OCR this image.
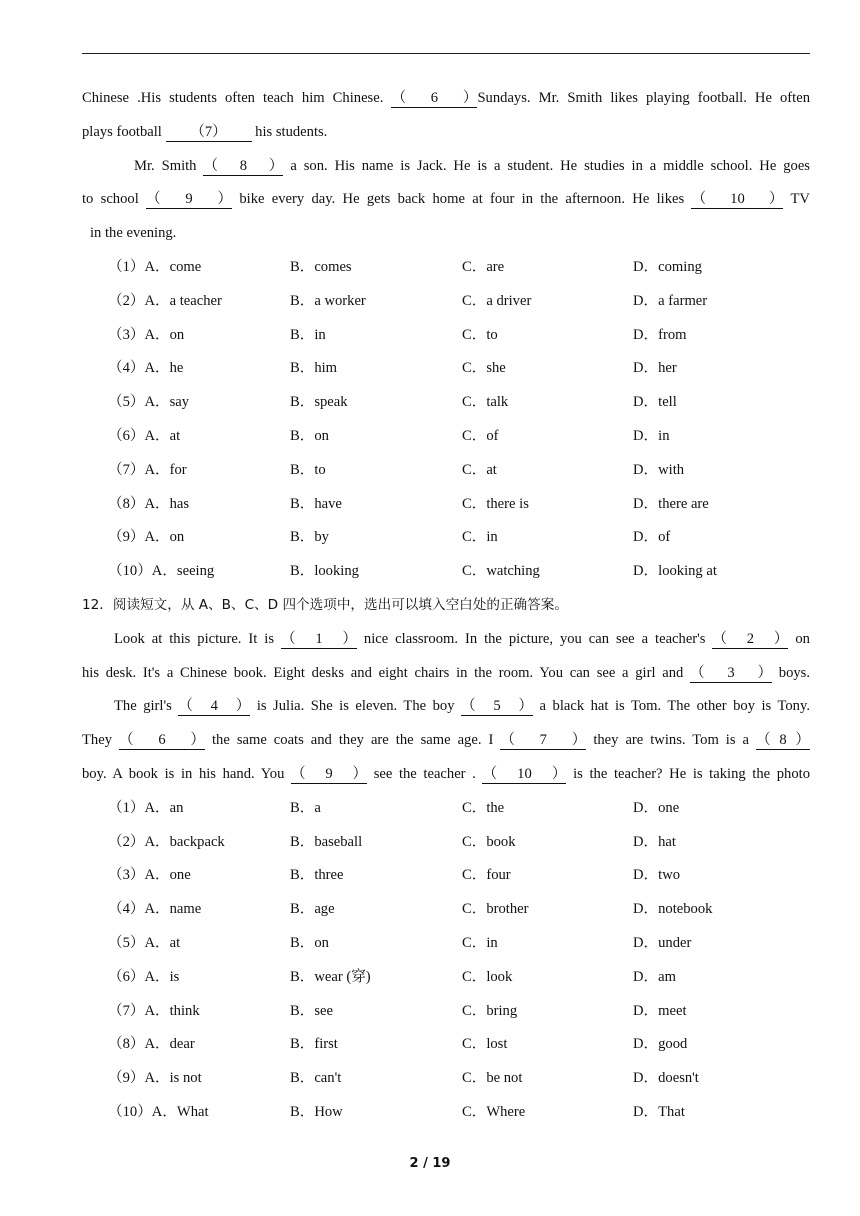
Chinese .His students often teach him Chinese. （6）Sundays. Mr. Smith likes playing football. He often
plays football （7） his students.
Mr. Smith （8） a son. His name is Jack. He is a student. He studies in a middle school. He goes
to school （9） bike every day. He gets back home at four in the afternoon. He likes （10） TV
in the evening.
（1）A．come	B．comes	C．are	D．coming
（2）A．a teacher	B．a worker	C．a driver	D．a farmer
（3）A．on	B．in	C．to	D．from
（4）A．he	B．him	C．she	D．her
（5）A．say	B．speak	C．talk	D．tell
（6）A．at	B．on	C．of	D．in
（7）A．for	B．to	C．at	D．with
（8）A．has	B．have	C．there is	D．there are
（9）A．on	B．by	C．in	D．of
（10）A．seeing	B．looking	C．watching	D．looking at
12．阅读短文，从 A、B、C、D 四个选项中，选出可以填入空白处的正确答案。
Look at this picture. It is （1） nice classroom. In the picture, you can see a teacher's （2） on
his desk. It's a Chinese book. Eight desks and eight chairs in the room. You can see a girl and （3） boys.
The girl's （4） is Julia. She is eleven. The boy （5） a black hat is Tom. The other boy is Tony.
They （6） the same coats and they are the same age. I （7） they are twins. Tom is a （8）
boy. A book is in his hand. You （9） see the teacher . （10） is the teacher? He is taking the photo
（1）A．an	B．a	C．the	D．one
（2）A．backpack	B．baseball	C．book	D．hat
（3）A．one	B．three	C．four	D．two
（4）A．name	B．age	C．brother	D．notebook
（5）A．at	B．on	C．in	D．under
（6）A．is	B．wear (穿)	C．look	D．am
（7）A．think	B．see	C．bring	D．meet
（8）A．dear	B．first	C．lost	D．good
（9）A．is not	B．can't	C．be not	D．doesn't
（10）A．What	B．How	C．Where	D．That
2 / 19
